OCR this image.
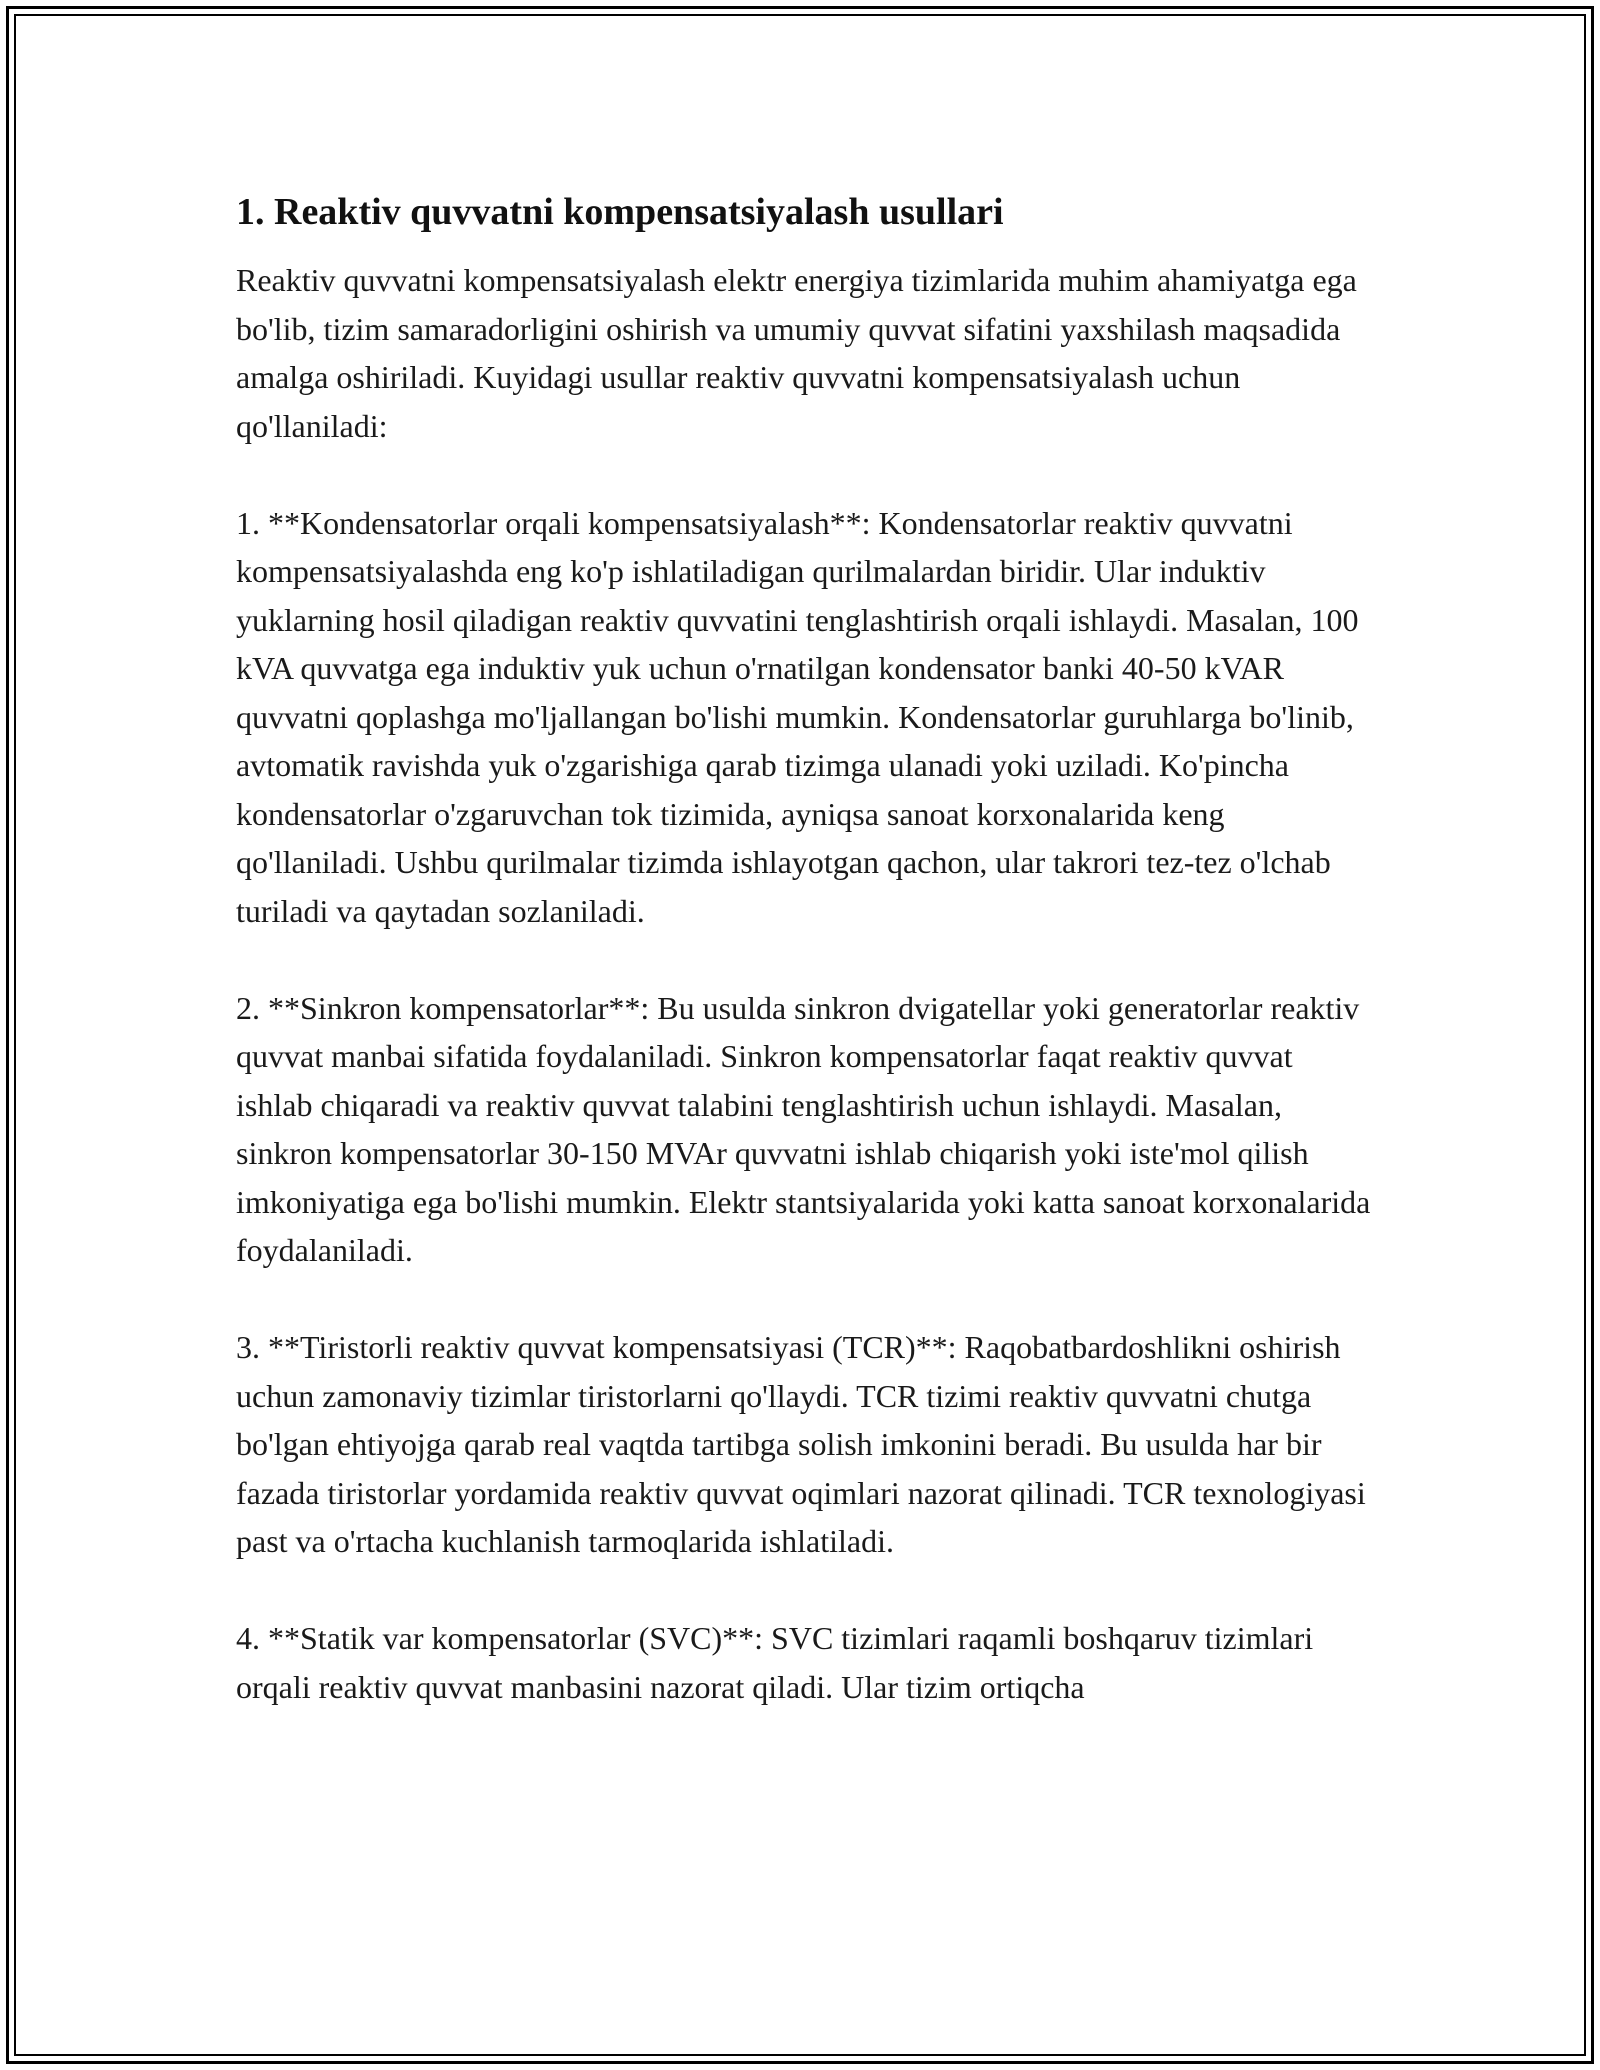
1. Reaktiv quvvatni kompensatsiyalash usullari

Reaktiv quvvatni kompensatsiyalash elektr energiya tizimlarida muhim ahamiyatga ega bo'lib, tizim samaradorligini oshirish va umumiy quvvat sifatini yaxshilash maqsadida amalga oshiriladi. Kuyidagi usullar reaktiv quvvatni kompensatsiyalash uchun qo'llaniladi:

1. **Kondensatorlar orqali kompensatsiyalash**: Kondensatorlar reaktiv quvvatni kompensatsiyalashda eng ko'p ishlatiladigan qurilmalardan biridir. Ular induktiv yuklarning hosil qiladigan reaktiv quvvatini tenglashtirish orqali ishlaydi. Masalan, 100 kVA quvvatga ega induktiv yuk uchun o'rnatilgan kondensator banki 40-50 kVAR quvvatni qoplashga mo'ljallangan bo'lishi mumkin. Kondensatorlar guruhlarga bo'linib, avtomatik ravishda yuk o'zgarishiga qarab tizimga ulanadi yoki uziladi. Ko'pincha kondensatorlar o'zgaruvchan tok tizimida, ayniqsa sanoat korxonalarida keng qo'llaniladi. Ushbu qurilmalar tizimda ishlayotgan qachon, ular takrori tez-tez o'lchab turiladi va qaytadan sozlaniladi.

2. **Sinkron kompensatorlar**: Bu usulda sinkron dvigatellar yoki generatorlar reaktiv quvvat manbai sifatida foydalaniladi. Sinkron kompensatorlar faqat reaktiv quvvat ishlab chiqaradi va reaktiv quvvat talabini tenglashtirish uchun ishlaydi. Masalan, sinkron kompensatorlar 30-150 MVAr quvvatni ishlab chiqarish yoki iste'mol qilish imkoniyatiga ega bo'lishi mumkin. Elektr stantsiyalarida yoki katta sanoat korxonalarida foydalaniladi.

3. **Tiristorli reaktiv quvvat kompensatsiyasi (TCR)**: Raqobatbardoshlikni oshirish uchun zamonaviy tizimlar tiristorlarni qo'llaydi. TCR tizimi reaktiv quvvatni chutga bo'lgan ehtiyojga qarab real vaqtda tartibga solish imkonini beradi. Bu usulda har bir fazada tiristorlar yordamida reaktiv quvvat oqimlari nazorat qilinadi. TCR texnologiyasi past va o'rtacha kuchlanish tarmoqlarida ishlatiladi.

4. **Statik var kompensatorlar (SVC)**: SVC tizimlari raqamli boshqaruv tizimlari orqali reaktiv quvvat manbasini nazorat qiladi. Ular tizim ortiqcha
